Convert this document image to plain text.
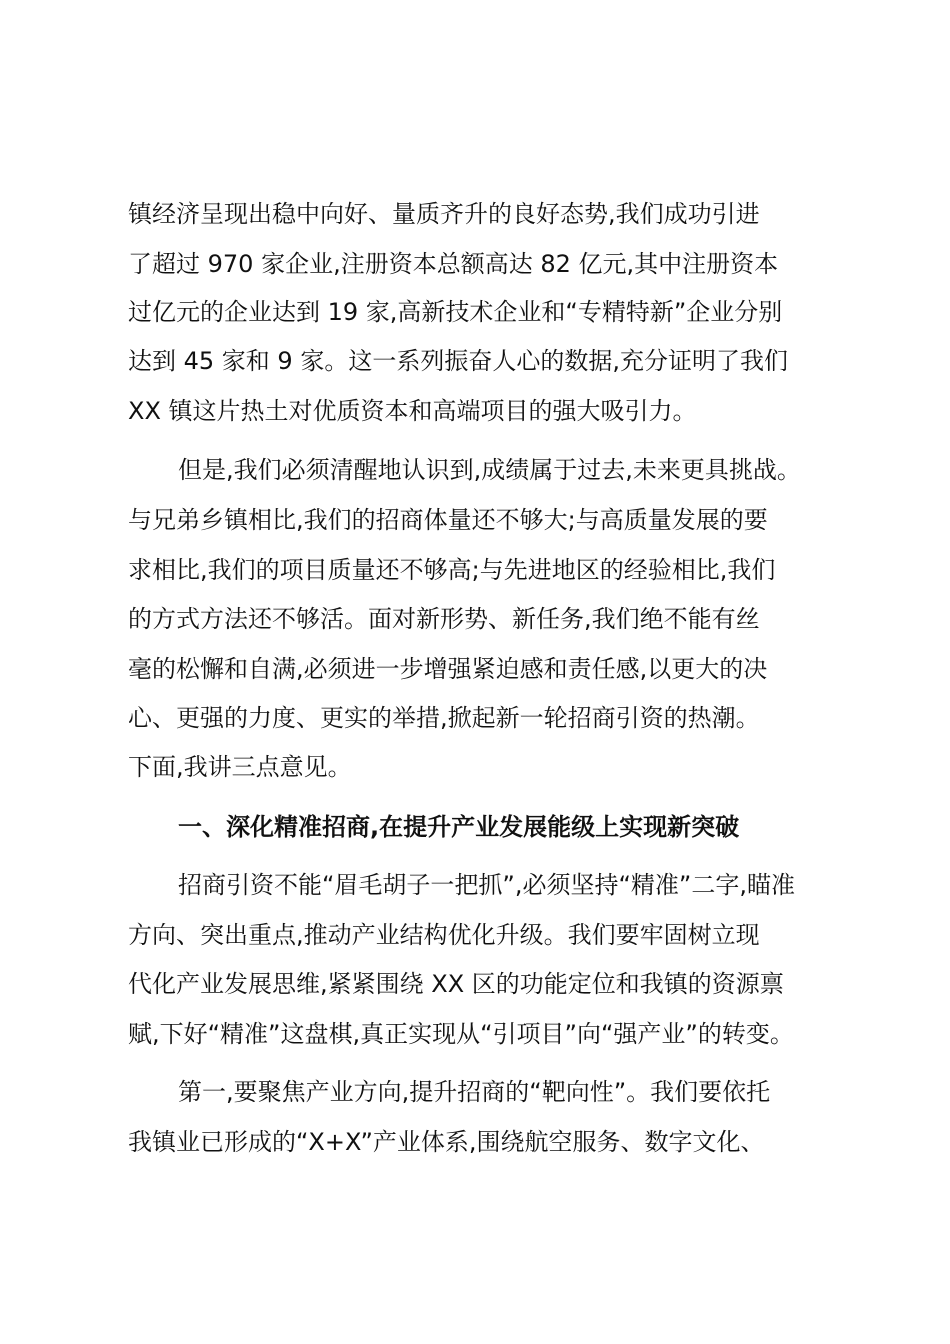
镇经济呈现出稳中向好、量质齐升的良好态势,我们成功引进
了超过 970 家企业,注册资本总额高达 82 亿元,其中注册资本
过亿元的企业达到 19 家,高新技术企业和“专精特新”企业分别
达到 45 家和 9 家。这一系列振奋人心的数据,充分证明了我们
XX 镇这片热土对优质资本和高端项目的强大吸引力。
但是,我们必须清醒地认识到,成绩属于过去,未来更具挑战。
与兄弟乡镇相比,我们的招商体量还不够大;与高质量发展的要
求相比,我们的项目质量还不够高;与先进地区的经验相比,我们
的方式方法还不够活。面对新形势、新任务,我们绝不能有丝
毫的松懈和自满,必须进一步增强紧迫感和责任感,以更大的决
心、更强的力度、更实的举措,掀起新一轮招商引资的热潮。
下面,我讲三点意见。
一、深化精准招商,在提升产业发展能级上实现新突破
招商引资不能“眉毛胡子一把抓”,必须坚持“精准”二字,瞄准
方向、突出重点,推动产业结构优化升级。我们要牢固树立现
代化产业发展思维,紧紧围绕 XX 区的功能定位和我镇的资源禀
赋,下好“精准”这盘棋,真正实现从“引项目”向“强产业”的转变。
第一,要聚焦产业方向,提升招商的“靶向性”。我们要依托
我镇业已形成的“X+X”产业体系,围绕航空服务、数字文化、
